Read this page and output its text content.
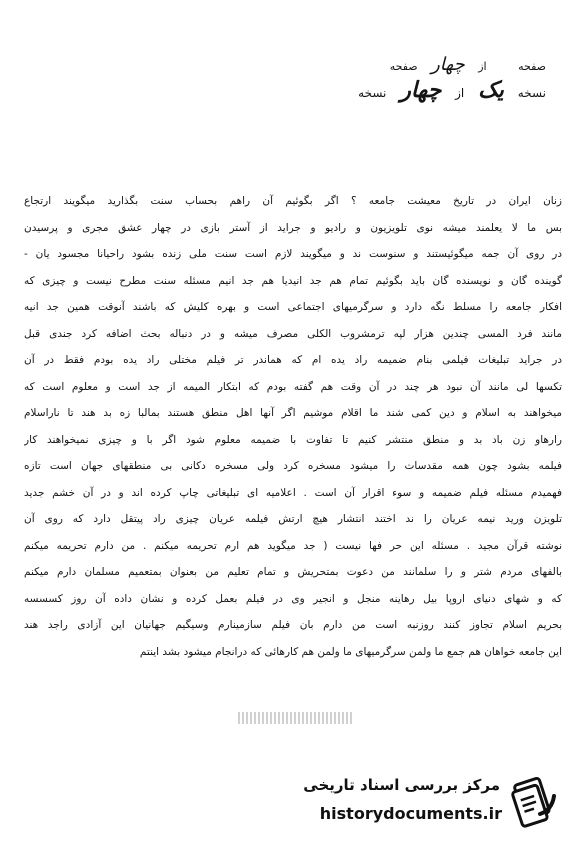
صفحه از چهار صفحه
نسخه یک از چهار نسخه
زنان ایران در تاریخ معیشت جامعه ؟ اگر بگوئیم آن راهم بحساب سنت بگذارید میگویند ارتجاع
بس ما لا یعلمند میشه نوی تلویزیون و رادیو و جراید از آستر بازی در چهار عشق مجری و پرسیدن
در روی آن جمه میگوئیستند و سنوست ند و میگویند لازم است سنت ملی زنده بشود راحیانا مجسود یان -
گوینده گان و نویسنده گان باید بگوئیم تمام هم جد انیدیا هم جد انیم مسئله سنت مطرح نیست و چیزی که
افکار جامعه را مسلط نگه دارد و سرگرمیهای اجتماعی است و بهره کلیش که باشند آنوقت همین جد انیه
مانند فرد المسی چندین هزار لپه ترمشروب الکلی مصرف میشه و در دنباله بحث اضافه کرد جندی قبل
در جراید تبلیغات فیلمی بنام ضمیمه راد یده ام که هماندر تر فیلم مختلی راد یده بودم فقط در آن
تکسها لی مانند آن نبود هر چند در آن وقت هم گفته بودم که ابتکار المیمه از جد است و معلوم است که
میخواهند به اسلام و دین کمی شند ما اقلام موشیم اگر آنها اهل منطق هستند بمالبا زه بد هند تا ناراسلام
رارهاو زن باد بد و منطق منتشر کنیم تا تفاوت با ضمیمه معلوم شود اگر با و چیزی نمیخواهند کار
فیلمه بشود چون همه مقدسات را میشود مسخره کرد ولی مسخره دکانی بی منطقهای جهان است تازه
فهمیدم مسئله فیلم ضمیمه و سوء اقرار آن است . اعلامیه ای تبلیغاتی چاپ کرده اند و در آن خشم جدید
تلویزن ورید نیمه عریان را ند اختند انتشار هیچ ارتش فیلمه عریان چیزی راد پیتقل دارد که روی آن
نوشته قرآن مجید . مسئله این حر فها نیست ( جد میگوید هم ارم تحریمه میکنم . من دارم تحریمه میکنم
بالفهای مردم شتر و را سلمانند من دعوت بمتحریش و تمام تعلیم من بعنوان بمتعمیم مسلمان دارم میکنم
که و شهای دنیای اروپا بیل رهاینه منجل و انجیر وی در فیلم بعمل کرده و نشان داده آن روز کسسسه
بحریم اسلام تجاوز کنند روزنبه است من دارم بان فیلم سازمینارم وسیگیم جهانیان این آزادی راجد هند
این جامعه خواهان هم جمع ما ولمن سرگرمیهای ما ولمن هم کارهائی که درانجام میشود بشد اینتم
مرکز بررسی اسناد تاریخی
historydocuments.ir
